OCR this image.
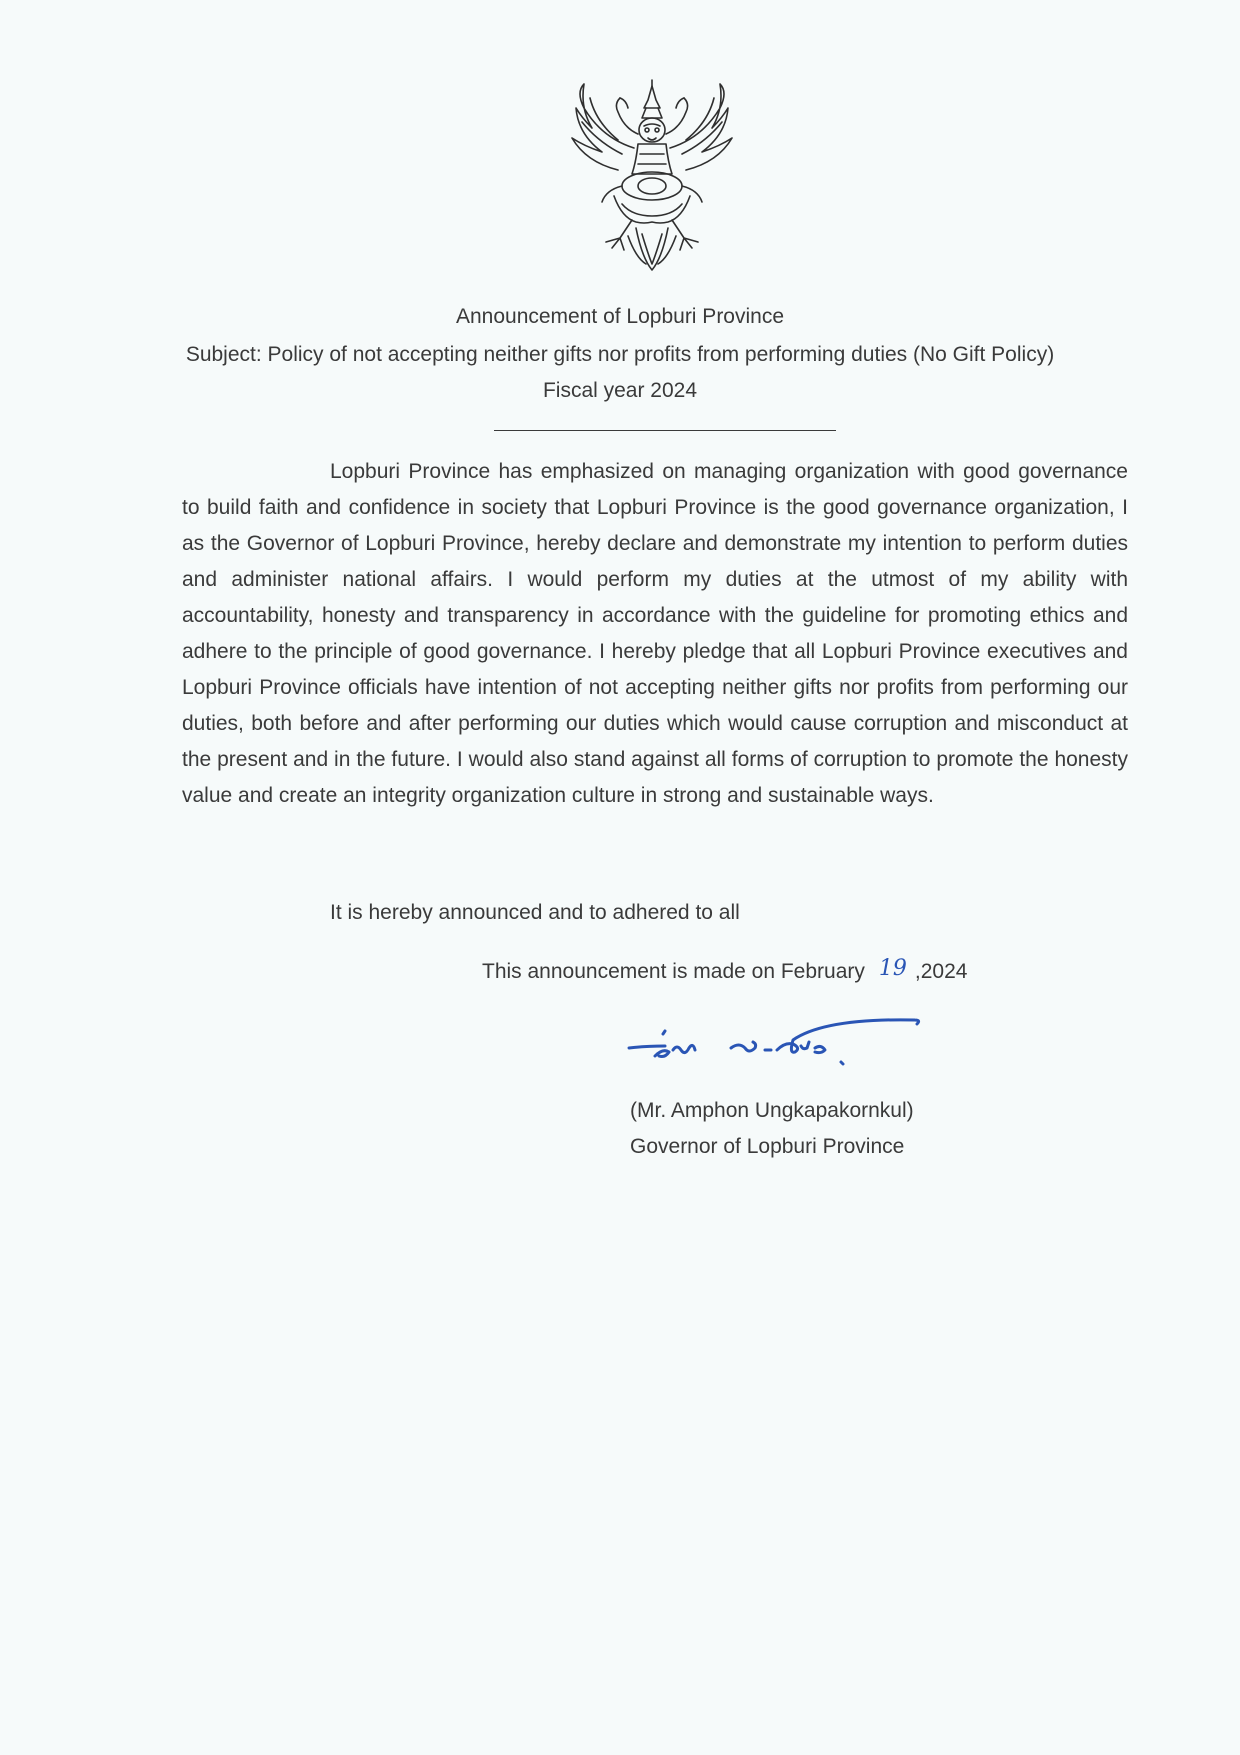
Announcement of Lopburi Province
Subject: Policy of not accepting neither gifts nor profits from performing duties (No Gift Policy)
Fiscal year 2024

Lopburi Province has emphasized on managing organization with good governance to build faith and confidence in society that Lopburi Province is the good governance organization, I as the Governor of Lopburi Province, hereby declare and demonstrate my intention to perform duties and administer national affairs. I would perform my duties at the utmost of my ability with accountability, honesty and transparency in accordance with the guideline for promoting ethics and adhere to the principle of good governance. I hereby pledge that all Lopburi Province executives and Lopburi Province officials have intention of not accepting neither gifts nor profits from performing our duties, both before and after performing our duties which would cause corruption and misconduct at the present and in the future. I would also stand against all forms of corruption to promote the honesty value and create an integrity organization culture in strong and sustainable ways.

It is hereby announced and to adhered to all
This announcement is made on February 19 ,2024
(Mr. Amphon Ungkapakornkul)
Governor of Lopburi Province
